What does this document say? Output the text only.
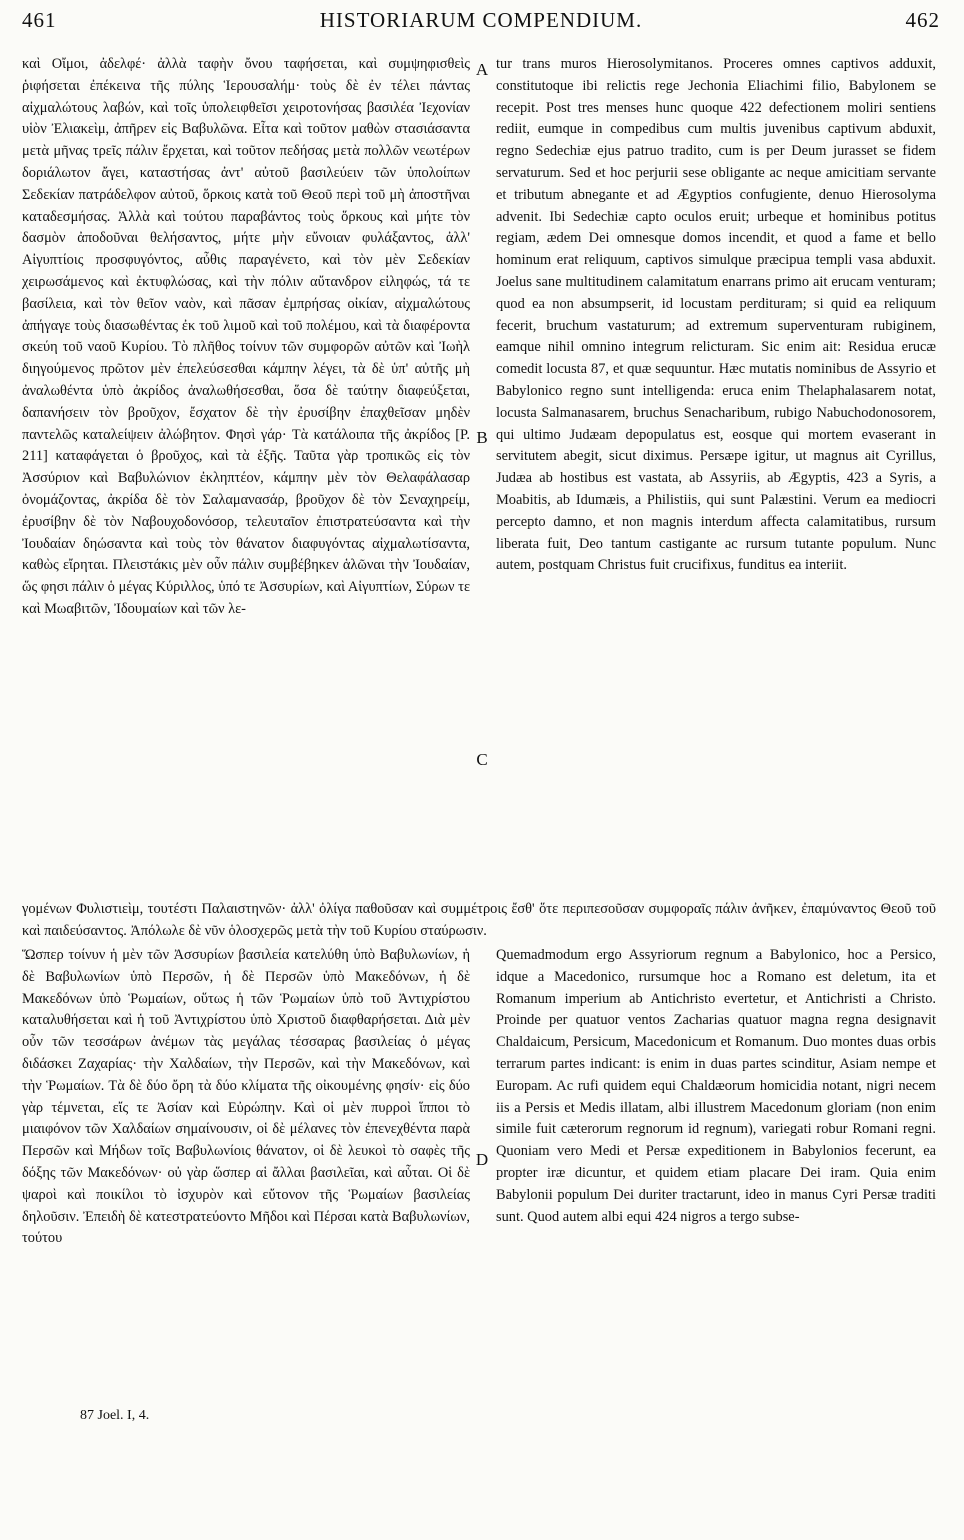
461	HISTORIARUM COMPENDIUM.	462

καὶ Οἴμοι, ἀδελφέ· ἀλλὰ ταφὴν ὄνου ταφήσεται, καὶ συμψηφισθεὶς ῥιφήσεται ἐπέκεινα τῆς πύλης Ἱερουσαλήμ· τοὺς δὲ ἐν τέλει πάντας αἰχμαλώτους λαβών, καὶ τοῖς ὑπολειφθεῖσι χειροτονήσας βασιλέα Ἰεχονίαν υἱὸν Ἐλιακεὶμ, ἀπῆρεν εἰς Βαβυλῶνα. Εἶτα καὶ τοῦτον μαθὼν στασιάσαντα μετὰ μῆνας τρεῖς πάλιν ἔρχεται, καὶ τοῦτον πεδήσας μετὰ πολλῶν νεωτέρων δοριάλωτον ἄγει, καταστήσας ἀντ' αὐτοῦ βασιλεύειν τῶν ὑπολοίπων Σεδεκίαν πατράδελφον αὐτοῦ, ὅρκοις κατὰ τοῦ Θεοῦ περὶ τοῦ μὴ ἀποστῆναι καταδεσμήσας. Ἀλλὰ καὶ τούτου παραβάντος τοὺς ὅρκους καὶ μήτε τὸν δασμὸν ἀποδοῦναι θελήσαντος, μήτε μὴν εὔνοιαν φυλάξαντος, ἀλλ' Αἰγυπτίοις προσφυγόντος, αὖθις παραγένετο, καὶ τὸν μὲν Σεδεκίαν χειρωσάμενος καὶ ἐκτυφλώσας, καὶ τὴν πόλιν αὔτανδρον εἰληφώς, τά τε βασίλεια, καὶ τὸν θεῖον ναὸν, καὶ πᾶσαν ἐμπρήσας οἰκίαν, αἰχμαλώτους ἀπήγαγε τοὺς διασωθέντας ἐκ τοῦ λιμοῦ καὶ τοῦ πολέμου, καὶ τὰ διαφέροντα σκεύη τοῦ ναοῦ Κυρίου. Τὸ πλῆθος τοίνυν τῶν συμφορῶν αὐτῶν καὶ Ἰωὴλ διηγούμενος πρῶτον μὲν ἐπελεύσεσθαι κάμπην λέγει, τὰ δὲ ὑπ' αὐτῆς μὴ ἀναλωθέντα ὑπὸ ἀκρίδος ἀναλωθήσεσθαι, ὅσα δὲ ταύτην διαφεύξεται, δαπανήσειν τὸν βροῦχον, ἔσχατον δὲ τὴν ἐρυσίβην ἐπαχθεῖσαν μηδὲν παντελῶς καταλείψειν ἀλώβητον. Φησὶ γάρ· Τὰ κατάλοιπα τῆς ἀκρίδος [P. 211] καταφάγεται ὁ βροῦχος, καὶ τὰ ἑξῆς. Ταῦτα γὰρ τροπικῶς εἰς τὸν Ἀσσύριον καὶ Βαβυλώνιον ἐκληπτέον, κάμπην μὲν τὸν Θελαφάλασαρ ὀνομάζοντας, ἀκρίδα δὲ τὸν Σαλαμανασάρ, βροῦχον δὲ τὸν Σεναχηρείμ, ἐρυσίβην δὲ τὸν Ναβουχοδονόσορ, τελευταῖον ἐπιστρατεύσαντα καὶ τὴν Ἰουδαίαν δηώσαντα καὶ τοὺς τὸν θάνατον διαφυγόντας αἰχμαλωτίσαντα, καθὼς εἴρηται. Πλειστάκις μὲν οὖν πάλιν συμβέβηκεν ἁλῶναι τὴν Ἰουδαίαν, ὥς φησι πάλιν ὁ μέγας Κύριλλος, ὑπό τε Ἀσσυρίων, καὶ Αἰγυπτίων, Σύρων τε καὶ Μωαβιτῶν, Ἰδουμαίων καὶ τῶν λε-

tur trans muros Hierosolymitanos. Proceres omnes captivos adduxit, constitutoque ibi relictis rege Jechonia Eliachimi filio, Babylonem se recepit. Post tres menses hunc quoque 422 defectionem moliri sentiens rediit, eumque in compedibus cum multis juvenibus captivum abduxit, regno Sedechiæ ejus patruo tradito, cum is per Deum jurasset se fidem servaturum. Sed et hoc perjurii sese obligante ac neque amicitiam servante et tributum abnegante et ad Ægyptios confugiente, denuo Hierosolyma advenit. Ibi Sedechiæ capto oculos eruit; urbeque et hominibus potitus regiam, ædem Dei omnesque domos incendit, et quod a fame et bello hominum erat reliquum, captivos simulque præcipua templi vasa abduxit. Joelus sane multitudinem calamitatum enarrans primo ait erucam venturam; quod ea non absumpserit, id locustam perdituram; si quid ea reliquum fecerit, bruchum vastaturum; ad extremum superventuram rubiginem, eamque nihil omnino integrum relicturam. Sic enim ait: Residua erucæ comedit locusta 87, et quæ sequuntur. Hæc mutatis nominibus de Assyrio et Babylonico regno sunt intelligenda: eruca enim Thelaphalasarem notat, locusta Salmanasarem, bruchus Senacharibum, rubigo Nabuchodonosorem, qui ultimo Judæam depopulatus est, eosque qui mortem evaserant in servitutem abegit, sicut diximus. Persæpe igitur, ut magnus ait Cyrillus, Judæa ab hostibus est vastata, ab Assyriis, ab Ægyptis, 423 a Syris, a Moabitis, ab Idumæis, a Philistiis, qui sunt Palæstini. Verum ea mediocri percepto damno, et non magnis interdum affecta calamitatibus, rursum liberata fuit, Deo tantum castigante ac rursum tutante populum. Nunc autem, postquam Christus fuit crucifixus, funditus ea interiit.

A
B
C
D

γομένων Φυλιστιεὶμ, τουτέστι Παλαιστηνῶν· ἀλλ' ὀλίγα παθοῦσαν καὶ συμμέτροις ἔσθ' ὅτε περιπεσοῦσαν συμφοραῖς πάλιν ἀνῆκεν, ἐπαμύναντος Θεοῦ τοῦ καὶ παιδεύσαντος. Ἀπόλωλε δὲ νῦν ὁλοσχερῶς μετὰ τὴν τοῦ Κυρίου σταύρωσιν.

Ὥσπερ τοίνυν ἡ μὲν τῶν Ἀσσυρίων βασιλεία κατελύθη ὑπὸ Βαβυλωνίων, ἡ δὲ Βαβυλωνίων ὑπὸ Περσῶν, ἡ δὲ Περσῶν ὑπὸ Μακεδόνων, ἡ δὲ Μακεδόνων ὑπὸ Ῥωμαίων, οὕτως ἡ τῶν Ῥωμαίων ὑπὸ τοῦ Ἀντιχρίστου καταλυθήσεται καὶ ἡ τοῦ Ἀντιχρίστου ὑπὸ Χριστοῦ διαφθαρήσεται. Διὰ μὲν οὖν τῶν τεσσάρων ἀνέμων τὰς μεγάλας τέσσαρας βασιλείας ὁ μέγας διδάσκει Ζαχαρίας· τὴν Χαλδαίων, τὴν Περσῶν, καὶ τὴν Μακεδόνων, καὶ τὴν Ῥωμαίων. Τὰ δὲ δύο ὄρη τὰ δύο κλίματα τῆς οἰκουμένης φησίν· εἰς δύο γὰρ τέμνεται, εἴς τε Ἀσίαν καὶ Εὐρώπην. Καὶ οἱ μὲν πυρροὶ ἵπποι τὸ μιαιφόνον τῶν Χαλδαίων σημαίνουσιν, οἱ δὲ μέλανες τὸν ἐπενεχθέντα παρὰ Περσῶν καὶ Μήδων τοῖς Βαβυλωνίοις θάνατον, οἱ δὲ λευκοὶ τὸ σαφὲς τῆς δόξης τῶν Μακεδόνων· οὐ γὰρ ὥσπερ αἱ ἄλλαι βασιλεῖαι, καὶ αὗται. Οἱ δὲ ψαροὶ καὶ ποικίλοι τὸ ἰσχυρὸν καὶ εὔτονον τῆς Ῥωμαίων βασιλείας δηλοῦσιν. Ἐπειδὴ δὲ κατεστρατεύοντο Μῆδοι καὶ Πέρσαι κατὰ Βαβυλωνίων, τούτου

Quemadmodum ergo Assyriorum regnum a Babylonico, hoc a Persico, idque a Macedonico, rursumque hoc a Romano est deletum, ita et Romanum imperium ab Antichristo evertetur, et Antichristi a Christo. Proinde per quatuor ventos Zacharias quatuor magna regna designavit Chaldaicum, Persicum, Macedonicum et Romanum. Duo montes duas orbis terrarum partes indicant: is enim in duas partes scinditur, Asiam nempe et Europam. Ac rufi quidem equi Chaldæorum homicidia notant, nigri necem iis a Persis et Medis illatam, albi illustrem Macedonum gloriam (non enim simile fuit cæterorum regnorum id regnum), variegati robur Romani regni. Quoniam vero Medi et Persæ expeditionem in Babylonios fecerunt, ea propter iræ dicuntur, et quidem etiam placare Dei iram. Quia enim Babylonii populum Dei duriter tractarunt, ideo in manus Cyri Persæ traditi sunt. Quod autem albi equi 424 nigros a tergo subse-

87 Joel. I, 4.
